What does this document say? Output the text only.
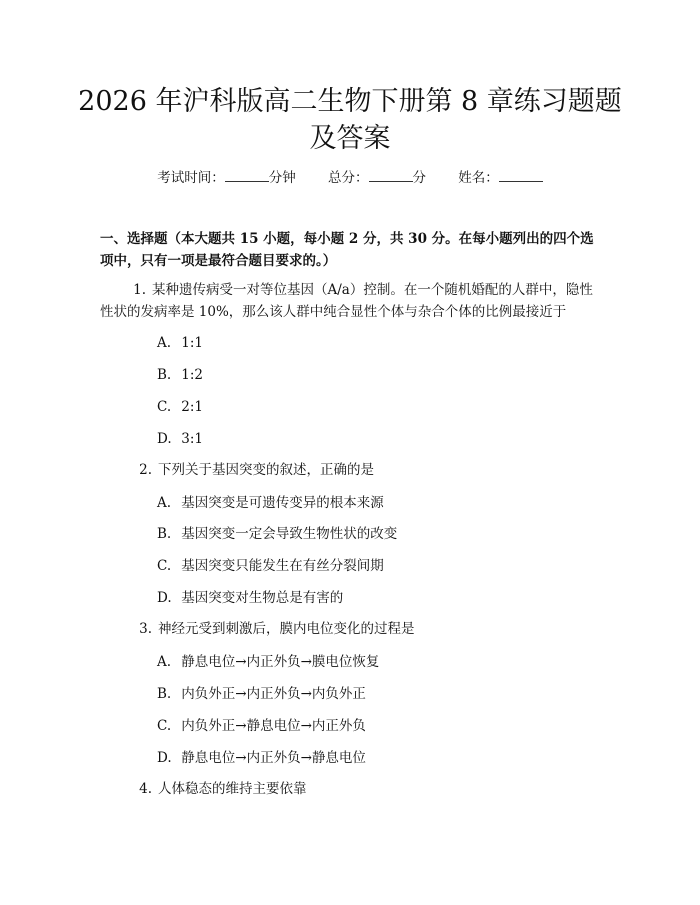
2026 年沪科版高二生物下册第 8 章练习题题
及答案
考试时间：	分钟 总分：	分 姓名：

一、选择题（本大题共 15 小题，每小题 2 分，共 30 分。在每小题列出的四个选项中，只有一项是最符合题目要求的。）

1. 某种遗传病受一对等位基因（A/a）控制。在一个随机婚配的人群中，隐性性状的发病率是 10%，那么该人群中纯合显性个体与杂合个体的比例最接近于

A. 1:1
B. 1:2
C. 2:1
D. 3:1

2. 下列关于基因突变的叙述，正确的是

A. 基因突变是可遗传变异的根本来源
B. 基因突变一定会导致生物性状的改变
C. 基因突变只能发生在有丝分裂间期
D. 基因突变对生物总是有害的

3. 神经元受到刺激后，膜内电位变化的过程是

A. 静息电位→内正外负→膜电位恢复
B. 内负外正→内正外负→内负外正
C. 内负外正→静息电位→内正外负
D. 静息电位→内正外负→静息电位

4. 人体稳态的维持主要依靠
